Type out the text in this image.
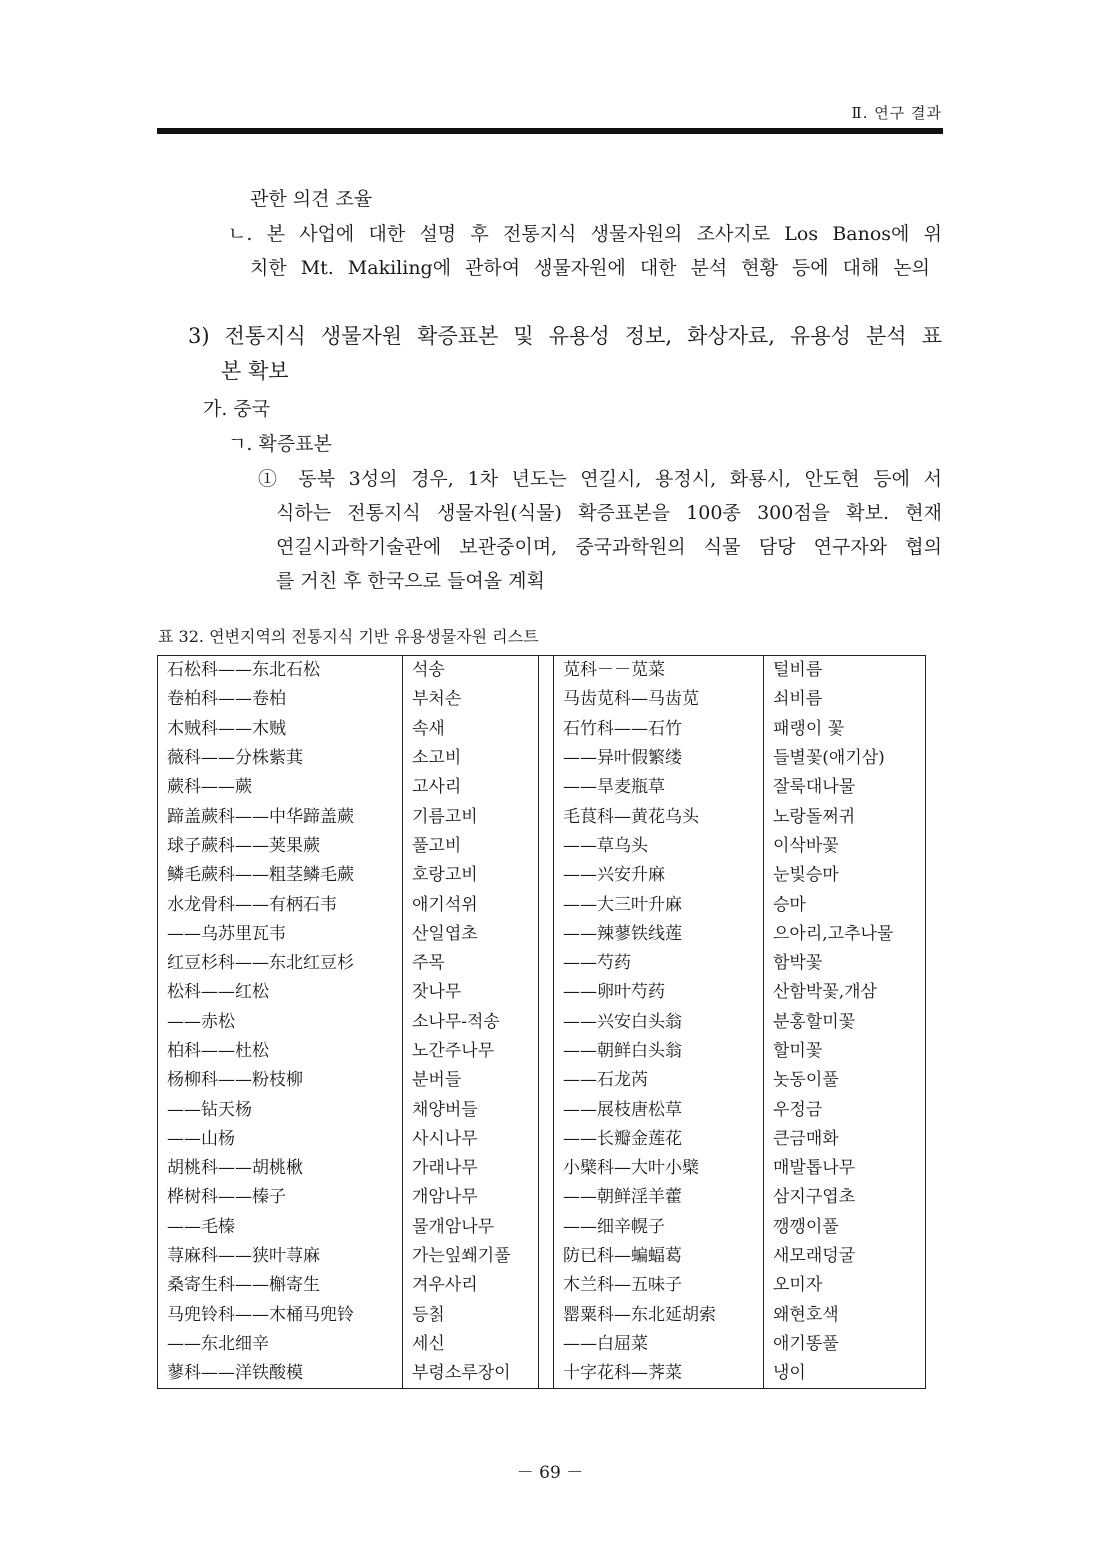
Ⅱ. 연구 결과
관한 의견 조율
ㄴ. 본 사업에 대한 설명 후 전통지식 생물자원의 조사지로 Los Banos에 위
치한 Mt. Makiling에 관하여 생물자원에 대한 분석 현황 등에 대해 논의
3) 전통지식 생물자원 확증표본 및 유용성 정보, 화상자료, 유용성 분석 표
본 확보
가. 중국
ㄱ. 확증표본
① 동북 3성의 경우, 1차 년도는 연길시, 용정시, 화룡시, 안도현 등에 서
식하는 전통지식 생물자원(식물) 확증표본을 100종 300점을 확보. 현재
연길시과학기술관에 보관중이며, 중국과학원의 식물 담당 연구자와 협의
를 거친 후 한국으로 들여올 계획
표 32. 연변지역의 전통지식 기반 유용생물자원 리스트
石松科——东北石松	석송		苋科－－苋菜	털비름
卷柏科——卷柏	부처손		马齿苋科—马齿苋	쇠비름
木贼科——木贼	속새		石竹科——石竹	패랭이 꽃
薇科——分株紫萁	소고비		——异叶假繁缕	들별꽃(애기삼)
蕨科——蕨	고사리		——旱麦瓶草	잘룩대나물
蹄盖蕨科——中华蹄盖蕨	기름고비		毛茛科—黄花乌头	노랑돌쩌귀
球子蕨科——荚果蕨	풀고비		——草乌头	이삭바꽃
鳞毛蕨科——粗茎鳞毛蕨	호랑고비		——兴安升麻	눈빛승마
水龙骨科——有柄石韦	애기석위		——大三叶升麻	승마
——乌苏里瓦韦	산일엽초		——辣蓼铁线莲	으아리,고추나물
红豆杉科——东北红豆杉	주목		——芍药	함박꽃
松科——红松	잣나무		——卵叶芍药	산함박꽃,개삼
——赤松	소나무-적송		——兴安白头翁	분홍할미꽃
柏科——杜松	노간주나무		——朝鲜白头翁	할미꽃
杨柳科——粉枝柳	분버들		——石龙芮	놋동이풀
——钻天杨	채양버들		——展枝唐松草	우정금
——山杨	사시나무		——长瓣金莲花	큰금매화
胡桃科——胡桃楸	가래나무		小檗科—大叶小檗	매발톱나무
桦树科——榛子	개암나무		——朝鲜淫羊藿	삼지구엽초
——毛榛	물개암나무		——细辛幌子	깽깽이풀
荨麻科——狭叶荨麻	가는잎쐐기풀		防已科—蝙蝠葛	새모래덩굴
桑寄生科——槲寄生	겨우사리		木兰科—五味子	오미자
马兜铃科——木桶马兜铃	등칡		罂粟科—东北延胡索	왜현호색
——东北细辛	세신		——白屈菜	애기똥풀
蓼科——洋铁酸模	부령소루장이		十字花科—荠菜	냉이
－ 69 －
